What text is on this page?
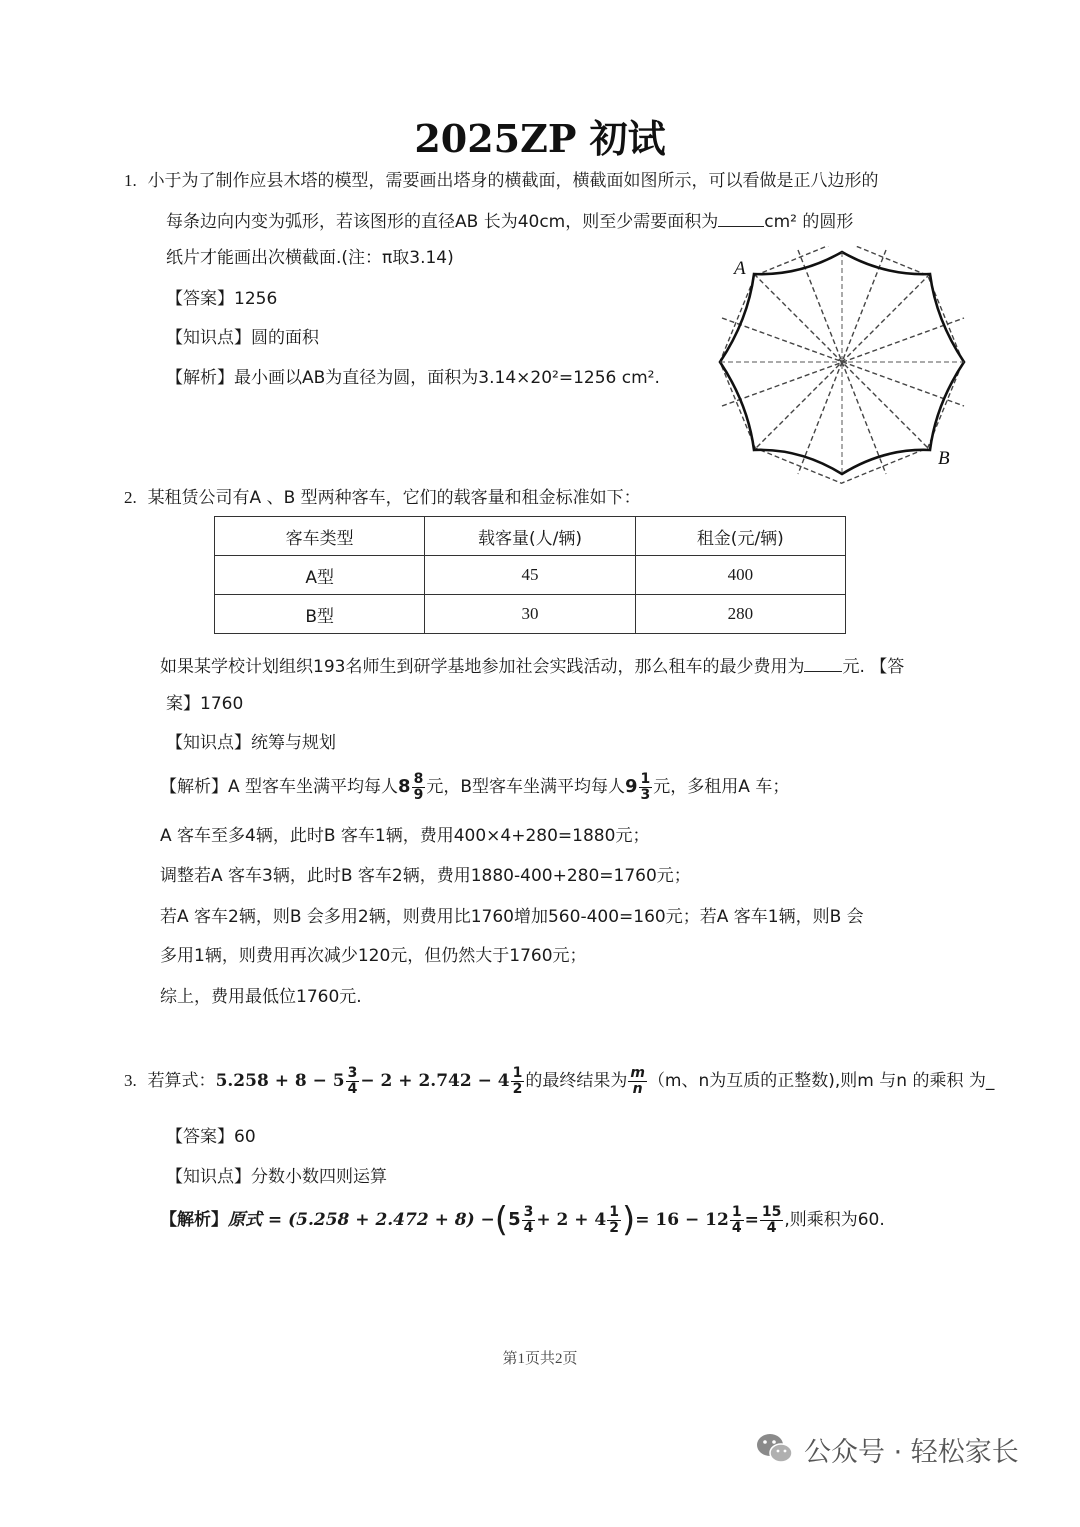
2025ZP 初试
1. 小于为了制作应县木塔的模型，需要画出塔身的横截面，横截面如图所示，可以看做是正八边形的
每条边向内变为弧形，若该图形的直径AB 长为40cm，则至少需要面积为	cm² 的圆形
纸片才能画出次横截面.(注：π取3.14)
【答案】1256
【知识点】圆的面积
【解析】最小画以AB为直径为圆，面积为3.14×20²=1256 cm².
A
B
2. 某租赁公司有A 、B 型两种客车，它们的载客量和租金标准如下：
客车类型	载客量(人/辆)	租金(元/辆)
A型	45	400
B型	30	280
如果某学校计划组织193名师生到研学基地参加社会实践活动，那么租车的最少费用为 元. 【答
案】1760
【知识点】统筹与规划
【解析】A 型客车坐满平均每人 $8 \frac{8}{9}$ 元，B型客车坐满平均每人 $9 \frac{1}{3}$ 元，多租用A 车；
A 客车至多4辆，此时B 客车1辆，费用400×4+280=1880元；
调整若A 客车3辆，此时B 客车2辆，费用1880-400+280=1760元；
若A 客车2辆，则B 会多用2辆，则费用比1760增加560-400=160元；若A 客车1辆，则B 会
多用1辆，则费用再次减少120元，但仍然大于1760元；
综上，费用最低位1760元.
3.
若算式： $5.258 + 8 - 5 \frac{3}{4} - 2 + 2.742 - 4 \frac{1}{2}$ 的最终结果为 $\frac{m}{n} (m$、n为互质的正整数),则m 与n 的乘积 为_
【答案】60
【知识点】分数小数四则运算
【解析】 原式 = (5.258 + 2.472 + 8) − ( $5 \frac{3}{4} + 2 + 4 \frac{1}{2}$ ) = $16 - 12 \frac{1}{4} = \frac{15}{4}$ ,则乘积为60.
第1页共2页
公众号 · 轻松家长
